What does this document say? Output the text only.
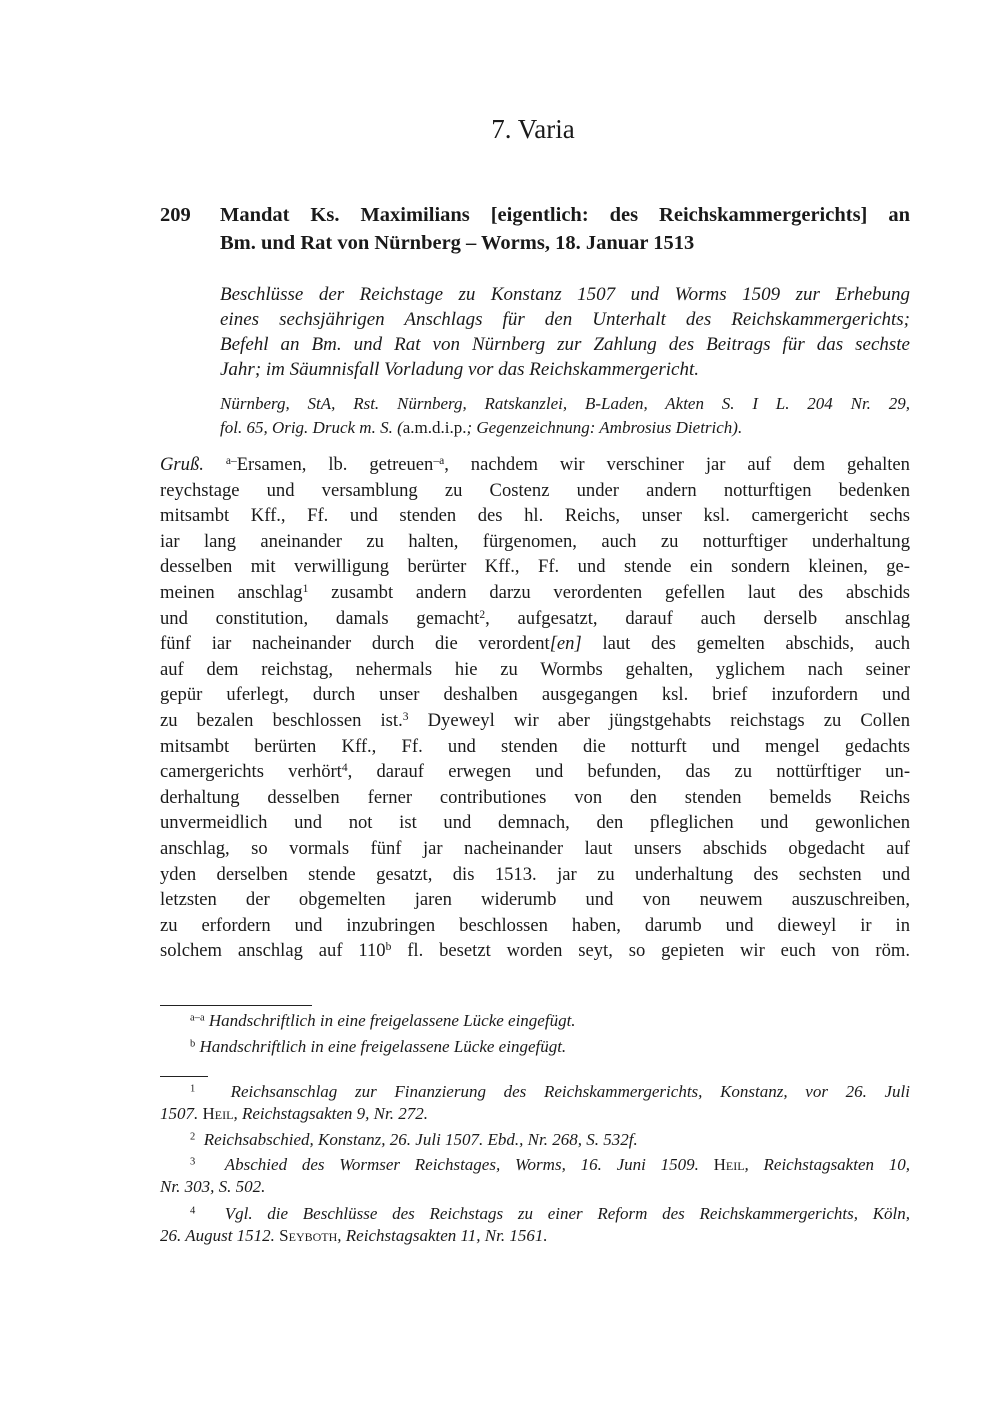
7. Varia
209 Mandat Ks. Maximilians [eigentlich: des Reichskammergerichts] an
Bm. und Rat von Nürnberg – Worms, 18. Januar 1513
Beschlüsse der Reichstage zu Konstanz 1507 und Worms 1509 zur Erhebung
eines sechsjährigen Anschlags für den Unterhalt des Reichskammergerichts;
Befehl an Bm. und Rat von Nürnberg zur Zahlung des Beitrags für das sechste
Jahr; im Säumnisfall Vorladung vor das Reichskammergericht.
Nürnberg, StA, Rst. Nürnberg, Ratskanzlei, B-Laden, Akten S. I L. 204 Nr. 29,
fol. 65, Orig. Druck m. S. (a.m.d.i.p.; Gegenzeichnung: Ambrosius Dietrich).
Gruß. $^{a-}$Ersamen, lb. getreuen$^{-a}$, nachdem wir verschiner jar auf dem gehalten
reychstage und versamblung zu Costenz under andern notturftigen bedenken
mitsambt Kff., Ff. und stenden des hl. Reichs, unser ksl. camergericht sechs
iar lang aneinander zu halten, fürgenomen, auch zu notturftiger underhaltung
desselben mit verwilligung berürter Kff., Ff. und stende ein sondern kleinen, ge-
meinen anschlag$^1$ zusambt andern darzu verordenten gefellen laut des abschids
und constitution, damals gemacht$^2$, aufgesatzt, darauf auch derselb anschlag
fünf iar nacheinander durch die verordent[en] laut des gemelten abschids, auch
auf dem reichstag, nehermals hie zu Wormbs gehalten, yglichem nach seiner
gepür uferlegt, durch unser deshalben ausgegangen ksl. brief inzufordern und
zu bezalen beschlossen ist.$^3$ Dyeweyl wir aber jüngstgehabts reichstags zu Collen
mitsambt berürten Kff., Ff. und stenden die notturft und mengel gedachts
camergerichts verhört$^4$, darauf erwegen und befunden, das zu nottürftiger un-
derhaltung desselben ferner contributiones von den stenden bemelds Reichs
unvermeidlich und not ist und demnach, den pfleglichen und gewonlichen
anschlag, so vormals fünf jar nacheinander laut unsers abschids obgedacht auf
yden derselben stende gesatzt, dis 1513. jar zu underhaltung des sechsten und
letzsten der obgemelten jaren widerumb und von neuwem auszuschreiben,
zu erfordern und inzubringen beschlossen haben, darumb und dieweyl ir in
solchem anschlag auf 110$^b$ fl. besetzt worden seyt, so gepieten wir euch von röm.
$^{a-a}$ Handschriftlich in eine freigelassene Lücke eingefügt.
$^b$ Handschriftlich in eine freigelassene Lücke eingefügt.
$^1$ Reichsanschlag zur Finanzierung des Reichskammergerichts, Konstanz, vor 26. Juli
1507. Heil, Reichstagsakten 9, Nr. 272.
$^2$ Reichsabschied, Konstanz, 26. Juli 1507. Ebd., Nr. 268, S. 532f.
$^3$ Abschied des Wormser Reichstages, Worms, 16. Juni 1509. Heil, Reichstagsakten 10,
Nr. 303, S. 502.
$^4$ Vgl. die Beschlüsse des Reichstags zu einer Reform des Reichskammergerichts, Köln,
26. August 1512. Seyboth, Reichstagsakten 11, Nr. 1561.
